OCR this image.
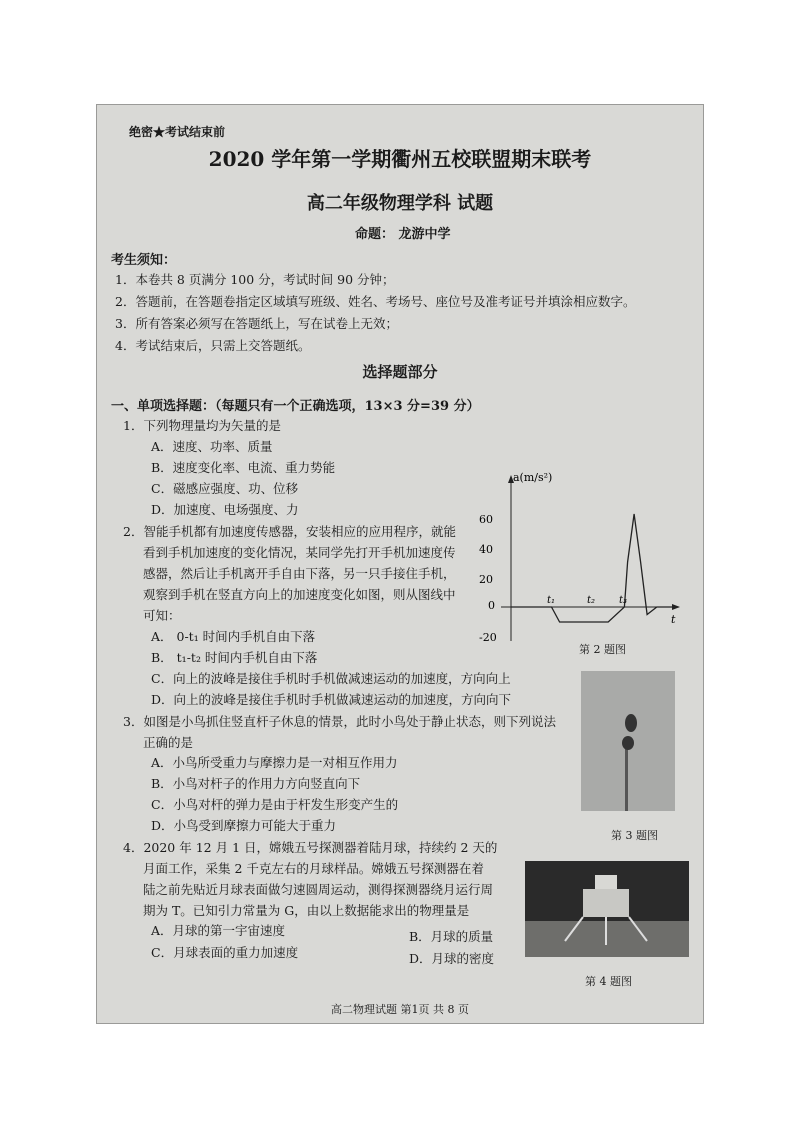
绝密★考试结束前
2020 学年第一学期衢州五校联盟期末联考
高二年级物理学科 试题
命题： 龙游中学
考生须知：
1．本卷共 8 页满分 100 分，考试时间 90 分钟；
2．答题前，在答题卷指定区域填写班级、姓名、考场号、座位号及准考证号并填涂相应数字。
3．所有答案必须写在答题纸上，写在试卷上无效；
4．考试结束后，只需上交答题纸。
选择题部分
一、单项选择题：（每题只有一个正确选项，13×3 分=39 分）
1．下列物理量均为矢量的是
A．速度、功率、质量
B．速度变化率、电流、重力势能
C．磁感应强度、功、位移
D．加速度、电场强度、力
2．智能手机都有加速度传感器，安装相应的应用程序，就能
看到手机加速度的变化情况，某同学先打开手机加速度传
感器，然后让手机离开手自由下落，另一只手接住手机，
观察到手机在竖直方向上的加速度变化如图，则从图线中
可知：
A． 0-t₁ 时间内手机自由下落
B． t₁-t₂ 时间内手机自由下落
C．向上的波峰是接住手机时手机做减速运动的加速度，方向向上
D．向上的波峰是接住手机时手机做减速运动的加速度，方向向下
a(m/s²)
t
60
40
20
0
-20
t₁	t₂ t₃
第 2 题图
3．如图是小鸟抓住竖直杆子休息的情景，此时小鸟处于静止状态，则下列说法
正确的是
A．小鸟所受重力与摩擦力是一对相互作用力
B．小鸟对杆子的作用力方向竖直向下
C．小鸟对杆的弹力是由于杆发生形变产生的
D．小鸟受到摩擦力可能大于重力
第 3 题图
4．2020 年 12 月 1 日，嫦娥五号探测器着陆月球，持续约 2 天的
月面工作，采集 2 千克左右的月球样品。嫦娥五号探测器在着
陆之前先贴近月球表面做匀速圆周运动，测得探测器绕月运行周
期为 T。已知引力常量为 G，由以上数据能求出的物理量是
A．月球的第一宇宙速度	B．月球的质量
C．月球表面的重力加速度	D．月球的密度
第 4 题图
高二物理试题 第1页 共 8 页
